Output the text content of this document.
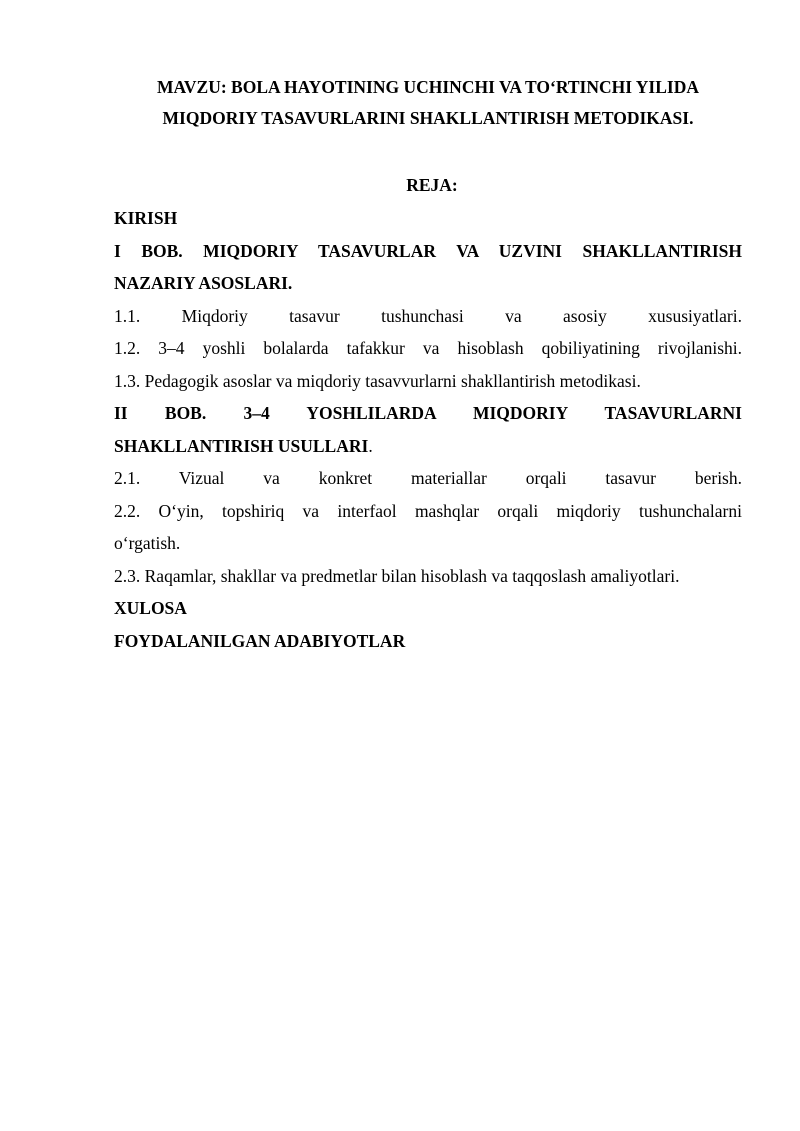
MAVZU: BOLA HAYOTINING UCHINCHI VA TO‘RTINCHI YILIDA

MIQDORIY TASAVURLARINI SHAKLLANTIRISH METODIKASI.

REJA:

KIRISH

I BOB. MIQDORIY TASAVURLAR VA UZVINI SHAKLLANTIRISH

NAZARIY ASOSLARI.

1.1. Miqdoriy tasavur tushunchasi va asosiy xususiyatlari.

1.2. 3–4 yoshli bolalarda tafakkur va hisoblash qobiliyatining rivojlanishi.

1.3. Pedagogik asoslar va miqdoriy tasavvurlarni shakllantirish metodikasi.

II BOB. 3–4 YOSHLILARDA MIQDORIY TASAVURLARNI

SHAKLLANTIRISH USULLARI.

2.1. Vizual va konkret materiallar orqali tasavur berish.

2.2. O‘yin, topshiriq va interfaol mashqlar orqali miqdoriy tushunchalarni

o‘rgatish.

2.3. Raqamlar, shakllar va predmetlar bilan hisoblash va taqqoslash amaliyotlari.

XULOSA

FOYDALANILGAN ADABIYOTLAR
